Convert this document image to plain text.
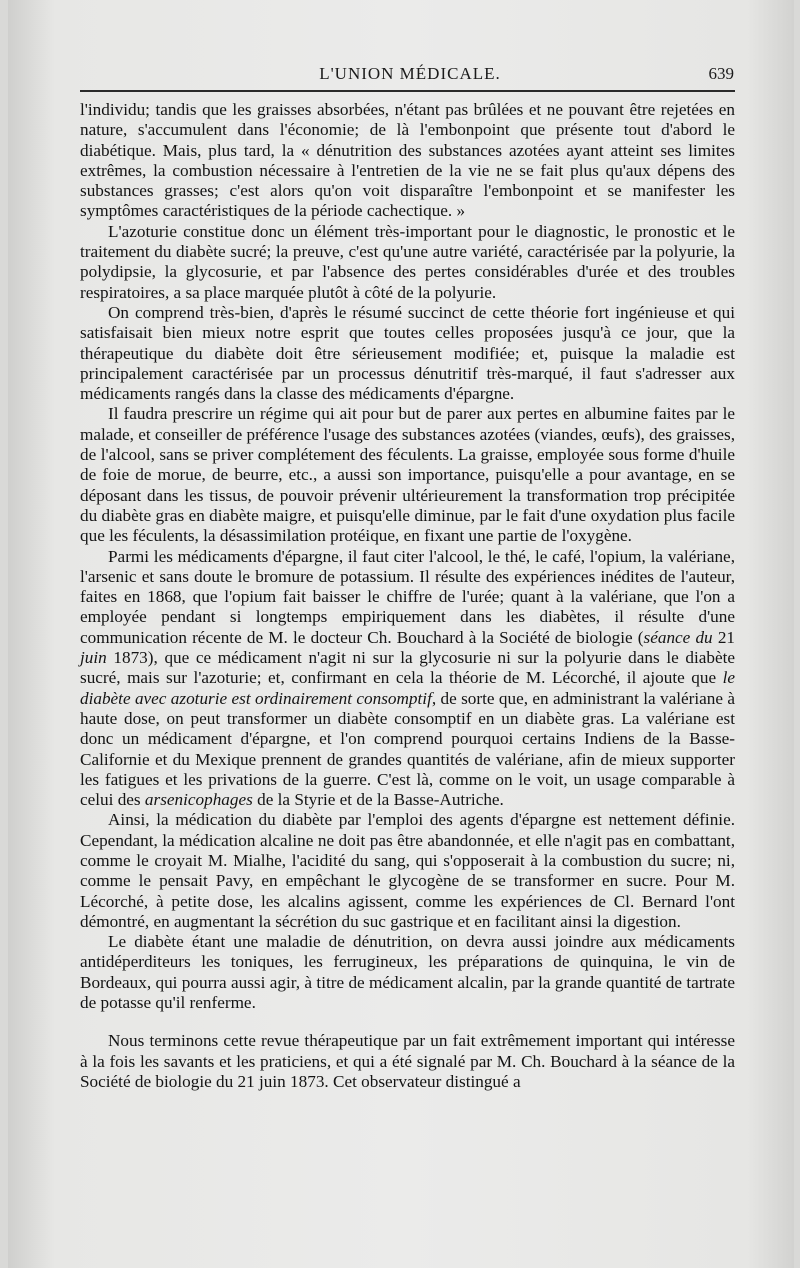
L'UNION MÉDICALE.	639

l'individu; tandis que les graisses absorbées, n'étant pas brûlées et ne pouvant être rejetées en nature, s'accumulent dans l'économie; de là l'embonpoint que présente tout d'abord le diabétique. Mais, plus tard, la « dénutrition des substances azotées ayant atteint ses limites extrêmes, la combustion nécessaire à l'entretien de la vie ne se fait plus qu'aux dépens des substances grasses; c'est alors qu'on voit disparaître l'embonpoint et se manifester les symptômes caractéristiques de la période cachectique. »

L'azoturie constitue donc un élément très-important pour le diagnostic, le pronostic et le traitement du diabète sucré; la preuve, c'est qu'une autre variété, caractérisée par la polyurie, la polydipsie, la glycosurie, et par l'absence des pertes considérables d'urée et des troubles respiratoires, a sa place marquée plutôt à côté de la polyurie.

On comprend très-bien, d'après le résumé succinct de cette théorie fort ingénieuse et qui satisfaisait bien mieux notre esprit que toutes celles proposées jusqu'à ce jour, que la thérapeutique du diabète doit être sérieusement modifiée; et, puisque la maladie est principalement caractérisée par un processus dénutritif très-marqué, il faut s'adresser aux médicaments rangés dans la classe des médicaments d'épargne.

Il faudra prescrire un régime qui ait pour but de parer aux pertes en albumine faites par le malade, et conseiller de préférence l'usage des substances azotées (viandes, œufs), des graisses, de l'alcool, sans se priver complétement des féculents. La graisse, employée sous forme d'huile de foie de morue, de beurre, etc., a aussi son importance, puisqu'elle a pour avantage, en se déposant dans les tissus, de pouvoir prévenir ultérieurement la transformation trop précipitée du diabète gras en diabète maigre, et puisqu'elle diminue, par le fait d'une oxydation plus facile que les féculents, la désassimilation protéique, en fixant une partie de l'oxygène.

Parmi les médicaments d'épargne, il faut citer l'alcool, le thé, le café, l'opium, la valériane, l'arsenic et sans doute le bromure de potassium. Il résulte des expériences inédites de l'auteur, faites en 1868, que l'opium fait baisser le chiffre de l'urée; quant à la valériane, que l'on a employée pendant si longtemps empiriquement dans les diabètes, il résulte d'une communication récente de M. le docteur Ch. Bouchard à la Société de biologie (séance du 21 juin 1873), que ce médicament n'agit ni sur la glycosurie ni sur la polyurie dans le diabète sucré, mais sur l'azoturie; et, confirmant en cela la théorie de M. Lécorché, il ajoute que le diabète avec azoturie est ordinairement consomptif, de sorte que, en administrant la valériane à haute dose, on peut transformer un diabète consomptif en un diabète gras. La valériane est donc un médicament d'épargne, et l'on comprend pourquoi certains Indiens de la Basse-Californie et du Mexique prennent de grandes quantités de valériane, afin de mieux supporter les fatigues et les privations de la guerre. C'est là, comme on le voit, un usage comparable à celui des arsenicophages de la Styrie et de la Basse-Autriche.

Ainsi, la médication du diabète par l'emploi des agents d'épargne est nettement définie. Cependant, la médication alcaline ne doit pas être abandonnée, et elle n'agit pas en combattant, comme le croyait M. Mialhe, l'acidité du sang, qui s'opposerait à la combustion du sucre; ni, comme le pensait Pavy, en empêchant le glycogène de se transformer en sucre. Pour M. Lécorché, à petite dose, les alcalins agissent, comme les expériences de Cl. Bernard l'ont démontré, en augmentant la sécrétion du suc gastrique et en facilitant ainsi la digestion.

Le diabète étant une maladie de dénutrition, on devra aussi joindre aux médicaments antidéperditeurs les toniques, les ferrugineux, les préparations de quinquina, le vin de Bordeaux, qui pourra aussi agir, à titre de médicament alcalin, par la grande quantité de tartrate de potasse qu'il renferme.

Nous terminons cette revue thérapeutique par un fait extrêmement important qui intéresse à la fois les savants et les praticiens, et qui a été signalé par M. Ch. Bouchard à la séance de la Société de biologie du 21 juin 1873. Cet observateur distingué a
